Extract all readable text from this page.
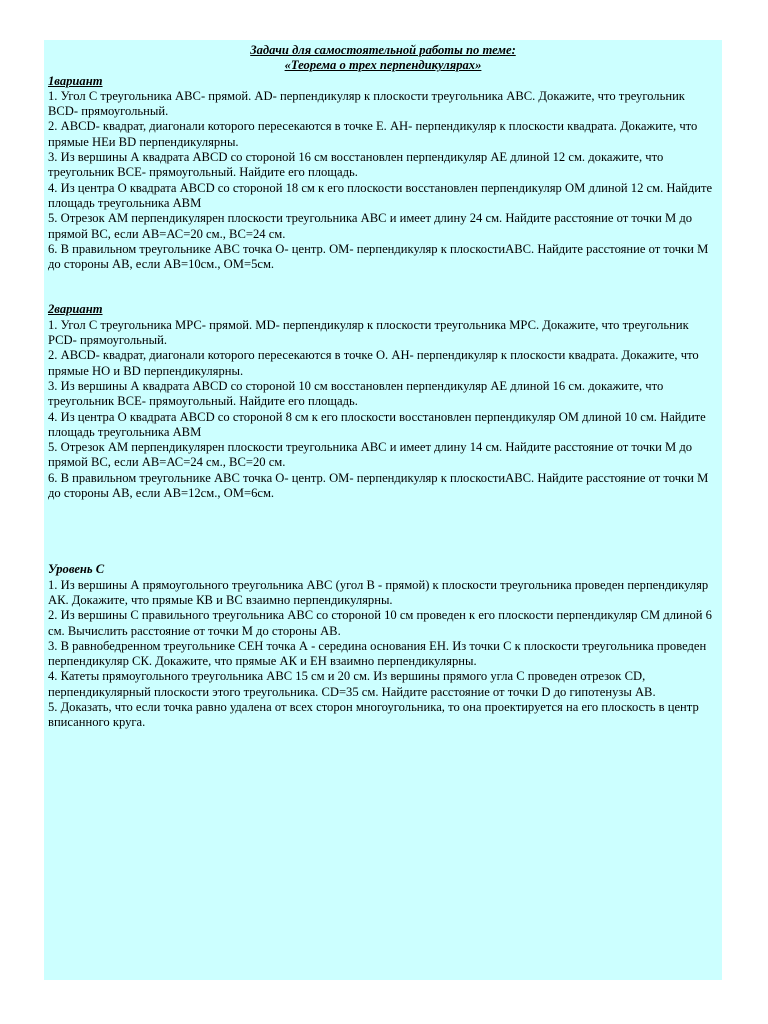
Задачи для самостоятельной работы по теме:
«Теорема о трех перпендикулярах»
1вариант
1. Угол С треугольника АВС- прямой. АD- перпендикуляр к плоскости треугольника АВС. Докажите, что треугольник ВСD- прямоугольный.
2. АВСD- квадрат, диагонали которого пересекаются в точке Е. АН- перпендикуляр к плоскости квадрата. Докажите, что прямые НЕи ВD перпендикулярны.
3. Из вершины А квадрата АВСD со стороной 16 см восстановлен перпендикуляр АЕ длиной 12 см. докажите, что треугольник ВСЕ- прямоугольный. Найдите его площадь.
4. Из центра О квадрата АВСD со стороной 18 см к его плоскости восстановлен перпендикуляр ОМ длиной 12 см. Найдите площадь треугольника АВМ
5. Отрезок АМ перпендикулярен плоскости треугольника АВС и имеет длину 24 см. Найдите расстояние от точки М до прямой ВС, если АВ=АС=20 см., ВС=24 см.
6. В правильном треугольнике АВС точка О- центр. ОМ- перпендикуляр к плоскостиАВС. Найдите расстояние от точки М до стороны АВ, если АВ=10см., ОМ=5см.
2вариант
1. Угол С треугольника МРС- прямой. МD- перпендикуляр к плоскости треугольника МРС. Докажите, что треугольник РСD- прямоугольный.
2. АВСD- квадрат, диагонали которого пересекаются в точке О. АН- перпендикуляр к плоскости квадрата. Докажите, что прямые НО и ВD перпендикулярны.
3. Из вершины А квадрата АВСD со стороной 10 см восстановлен перпендикуляр АЕ длиной 16 см. докажите, что треугольник ВСЕ- прямоугольный. Найдите его площадь.
4. Из центра О квадрата АВСD со стороной 8 см к его плоскости восстановлен перпендикуляр ОМ длиной 10 см. Найдите площадь треугольника АВМ
5. Отрезок АМ перпендикулярен плоскости треугольника АВС и имеет длину 14 см. Найдите расстояние от точки М до прямой ВС, если АВ=АС=24 см., ВС=20 см.
6. В правильном треугольнике АВС точка О- центр. ОМ- перпендикуляр к плоскостиАВС. Найдите расстояние от точки М до стороны АВ, если АВ=12см., ОМ=6см.
Уровень С
1. Из вершины А прямоугольного треугольника АВС (угол В - прямой) к плоскости треугольника проведен перпендикуляр АК. Докажите, что прямые КВ и ВС взаимно перпендикулярны.
2. Из вершины С правильного треугольника АВС со стороной 10 см проведен к его плоскости перпендикуляр СМ длиной 6 см. Вычислить расстояние от точки М до стороны АВ.
3. В равнобедренном треугольнике СЕН точка А - середина основания ЕН. Из точки С к плоскости треугольника проведен перпендикуляр СК. Докажите, что прямые АК и ЕН взаимно перпендикулярны.
4. Катеты прямоугольного треугольника АВС 15 см и 20 см. Из вершины прямого угла С проведен отрезок СD, перпендикулярный плоскости этого треугольника. СD=35 см. Найдите расстояние от точки D до гипотенузы АВ.
5. Доказать, что если точка равно удалена от всех сторон многоугольника, то она проектируется на его плоскость в центр вписанного круга.
